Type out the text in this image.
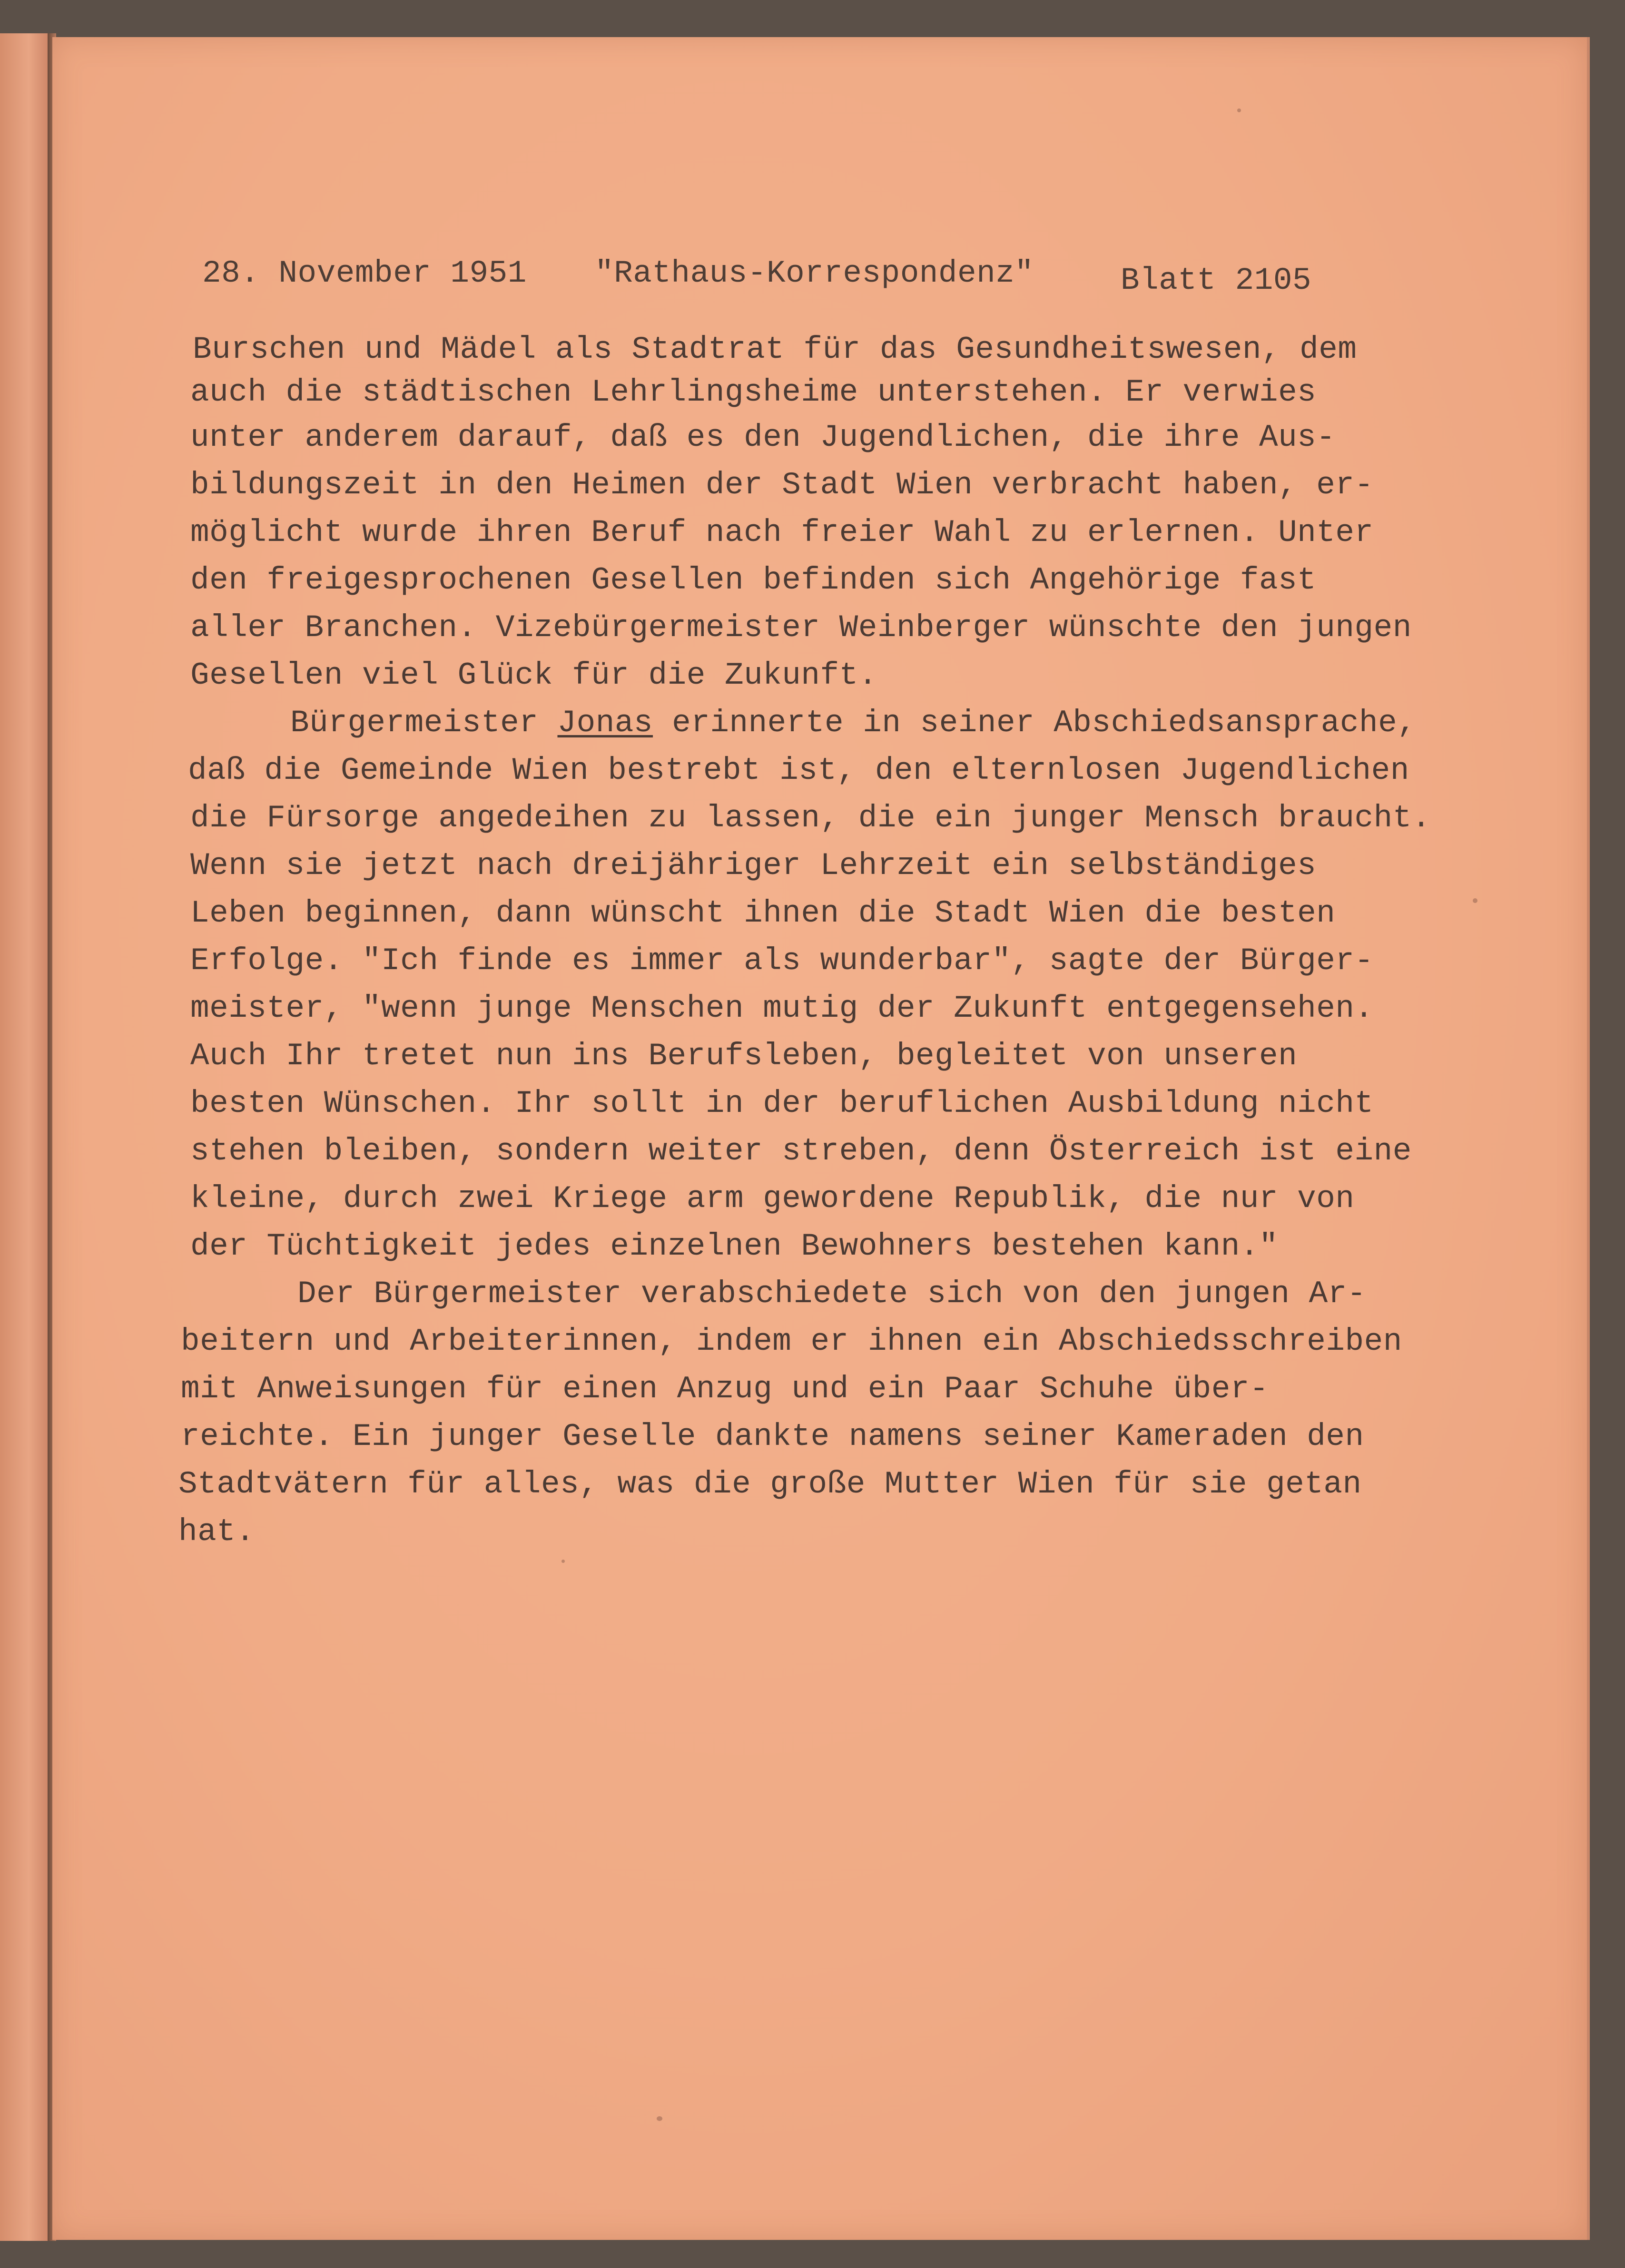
28. November 1951 "Rathaus-Korrespondenz"	Blatt 2105

Burschen und Mädel als Stadtrat für das Gesundheitswesen, dem

auch die städtischen Lehrlingsheime unterstehen. Er verwies

unter anderem darauf, daß es den Jugendlichen, die ihre Aus-

bildungszeit in den Heimen der Stadt Wien verbracht haben, er-

möglicht wurde ihren Beruf nach freier Wahl zu erlernen. Unter

den freigesprochenen Gesellen befinden sich Angehörige fast

aller Branchen. Vizebürgermeister Weinberger wünschte den jungen

Gesellen viel Glück für die Zukunft.

Bürgermeister Jonas erinnerte in seiner Abschiedsansprache,

daß die Gemeinde Wien bestrebt ist, den elternlosen Jugendlichen

die Fürsorge angedeihen zu lassen, die ein junger Mensch braucht.

Wenn sie jetzt nach dreijähriger Lehrzeit ein selbständiges

Leben beginnen, dann wünscht ihnen die Stadt Wien die besten

Erfolge. "Ich finde es immer als wunderbar", sagte der Bürger-

meister, "wenn junge Menschen mutig der Zukunft entgegensehen.

Auch Ihr tretet nun ins Berufsleben, begleitet von unseren

besten Wünschen. Ihr sollt in der beruflichen Ausbildung nicht

stehen bleiben, sondern weiter streben, denn Österreich ist eine

kleine, durch zwei Kriege arm gewordene Republik, die nur von

der Tüchtigkeit jedes einzelnen Bewohners bestehen kann."

Der Bürgermeister verabschiedete sich von den jungen Ar-

beitern und Arbeiterinnen, indem er ihnen ein Abschiedsschreiben

mit Anweisungen für einen Anzug und ein Paar Schuhe über-

reichte. Ein junger Geselle dankte namens seiner Kameraden den

Stadtvätern für alles, was die große Mutter Wien für sie getan

hat.
